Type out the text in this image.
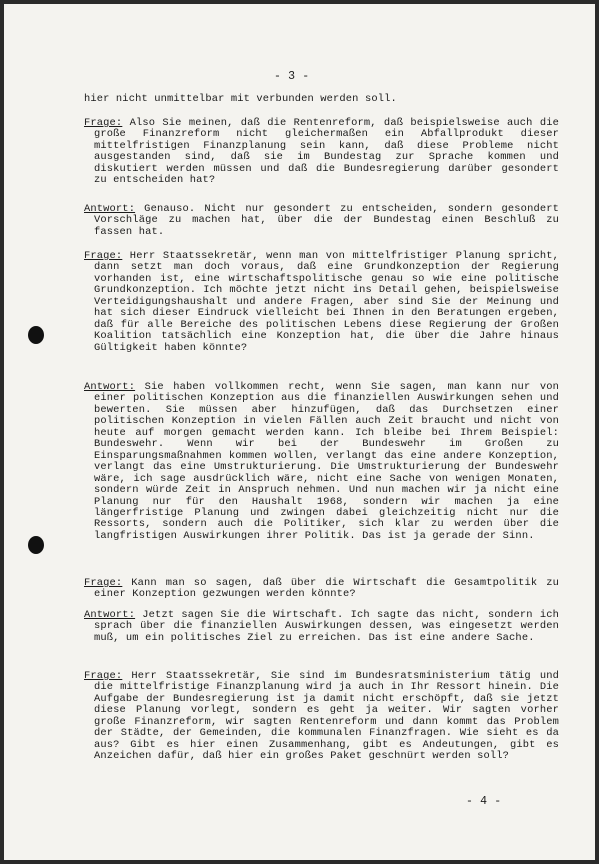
- 3 -
hier nicht unmittelbar mit verbunden werden soll.
Frage: Also Sie meinen, daß die Rentenreform, daß beispielsweise auch die große Finanzreform nicht gleichermaßen ein Abfallprodukt dieser mittelfristigen Finanzplanung sein kann, daß diese Probleme nicht ausgestanden sind, daß sie im Bundestag zur Sprache kommen und diskutiert werden müssen und daß die Bundesregierung darüber gesondert zu entscheiden hat?
Antwort: Genauso. Nicht nur gesondert zu entscheiden, sondern gesondert Vorschläge zu machen hat, über die der Bundestag einen Beschluß zu fassen hat.
Frage: Herr Staatssekretär, wenn man von mittelfristiger Planung spricht, dann setzt man doch voraus, daß eine Grundkonzeption der Regierung vorhanden ist, eine wirtschaftspolitische genau so wie eine politische Grundkonzeption. Ich möchte jetzt nicht ins Detail gehen, beispielsweise Verteidigungshaushalt und andere Fragen, aber sind Sie der Meinung und hat sich dieser Eindruck vielleicht bei Ihnen in den Beratungen ergeben, daß für alle Bereiche des politischen Lebens diese Regierung der Großen Koalition tatsächlich eine Konzeption hat, die über die Jahre hinaus Gültigkeit haben könnte?
Antwort: Sie haben vollkommen recht, wenn Sie sagen, man kann nur von einer politischen Konzeption aus die finanziellen Auswirkungen sehen und bewerten. Sie müssen aber hinzufügen, daß das Durchsetzen einer politischen Konzeption in vielen Fällen auch Zeit braucht und nicht von heute auf morgen gemacht werden kann. Ich bleibe bei Ihrem Beispiel: Bundeswehr. Wenn wir bei der Bundeswehr im Großen zu Einsparungsmaßnahmen kommen wollen, verlangt das eine andere Konzeption, verlangt das eine Umstrukturierung. Die Umstrukturierung der Bundeswehr wäre, ich sage ausdrücklich wäre, nicht eine Sache von wenigen Monaten, sondern würde Zeit in Anspruch nehmen. Und nun machen wir ja nicht eine Planung nur für den Haushalt 1968, sondern wir machen ja eine längerfristige Planung und zwingen dabei gleichzeitig nicht nur die Ressorts, sondern auch die Politiker, sich klar zu werden über die langfristigen Auswirkungen ihrer Politik. Das ist ja gerade der Sinn.
Frage: Kann man so sagen, daß über die Wirtschaft die Gesamtpolitik zu einer Konzeption gezwungen werden könnte?
Antwort: Jetzt sagen Sie die Wirtschaft. Ich sagte das nicht, sondern ich sprach über die finanziellen Auswirkungen dessen, was eingesetzt werden muß, um ein politisches Ziel zu erreichen. Das ist eine andere Sache.
Frage: Herr Staatssekretär, Sie sind im Bundesratsministerium tätig und die mittelfristige Finanzplanung wird ja auch in Ihr Ressort hinein. Die Aufgabe der Bundesregierung ist ja damit nicht erschöpft, daß sie jetzt diese Planung vorlegt, sondern es geht ja weiter. Wir sagten vorher große Finanzreform, wir sagten Rentenreform und dann kommt das Problem der Städte, der Gemeinden, die kommunalen Finanzfragen. Wie sieht es da aus? Gibt es hier einen Zusammenhang, gibt es Andeutungen, gibt es Anzeichen dafür, daß hier ein großes Paket geschnürt werden soll?
- 4 -
